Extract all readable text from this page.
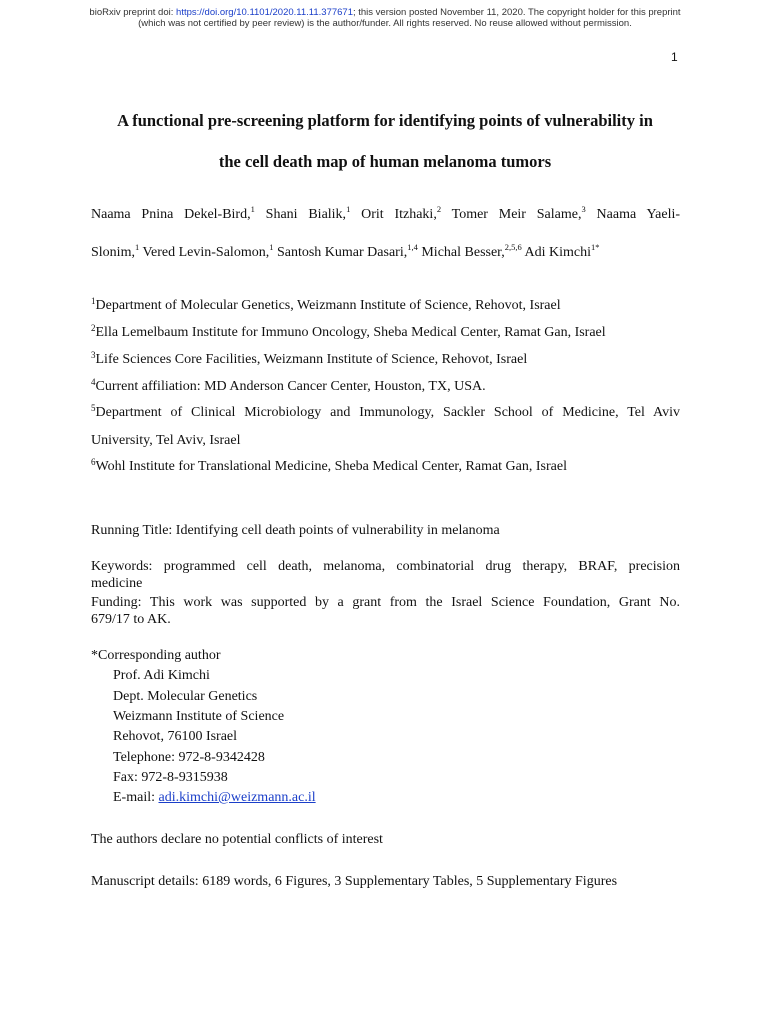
bioRxiv preprint doi: https://doi.org/10.1101/2020.11.11.377671; this version posted November 11, 2020. The copyright holder for this preprint
(which was not certified by peer review) is the author/funder. All rights reserved. No reuse allowed without permission.
1
A functional pre-screening platform for identifying points of vulnerability in
the cell death map of human melanoma tumors
Naama Pnina Dekel-Bird,$^1$ Shani Bialik,$^1$ Orit Itzhaki,$^2$ Tomer Meir Salame,$^3$ Naama Yaeli-
Slonim,$^1$ Vered Levin-Salomon,$^1$ Santosh Kumar Dasari,$^{1,4}$ Michal Besser,$^{2,5,6}$ Adi Kimchi$^{1*}$
$^1$Department of Molecular Genetics, Weizmann Institute of Science, Rehovot, Israel
$^2$Ella Lemelbaum Institute for Immuno Oncology, Sheba Medical Center, Ramat Gan, Israel
$^3$Life Sciences Core Facilities, Weizmann Institute of Science, Rehovot, Israel
$^4$Current affiliation: MD Anderson Cancer Center, Houston, TX, USA.
$^5$Department of Clinical Microbiology and Immunology, Sackler School of Medicine, Tel Aviv
University, Tel Aviv, Israel
$^6$Wohl Institute for Translational Medicine, Sheba Medical Center, Ramat Gan, Israel
Running Title: Identifying cell death points of vulnerability in melanoma
Keywords: programmed cell death, melanoma, combinatorial drug therapy, BRAF, precision
medicine
Funding: This work was supported by a grant from the Israel Science Foundation, Grant No.
679/17 to AK.
*Corresponding author
Prof. Adi Kimchi
Dept. Molecular Genetics
Weizmann Institute of Science
Rehovot, 76100 Israel
Telephone: 972-8-9342428
Fax: 972-8-9315938
E-mail: adi.kimchi@weizmann.ac.il
The authors declare no potential conflicts of interest
Manuscript details: 6189 words, 6 Figures, 3 Supplementary Tables, 5 Supplementary Figures
